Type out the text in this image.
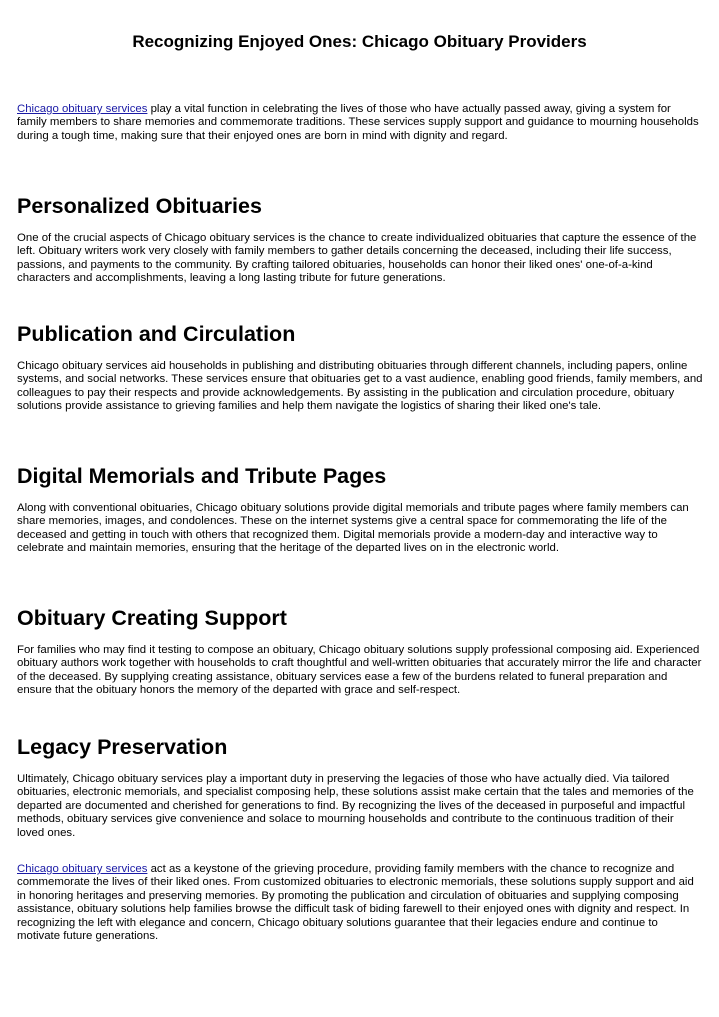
Recognizing Enjoyed Ones: Chicago Obituary Providers

Chicago obituary services play a vital function in celebrating the lives of those who have actually passed away, giving a system for family members to share memories and commemorate traditions. These services supply support and guidance to mourning households during a tough time, making sure that their enjoyed ones are born in mind with dignity and regard.

Personalized Obituaries

One of the crucial aspects of Chicago obituary services is the chance to create individualized obituaries that capture the essence of the left. Obituary writers work very closely with family members to gather details concerning the deceased, including their life success, passions, and payments to the community. By crafting tailored obituaries, households can honor their liked ones' one-of-a-kind characters and accomplishments, leaving a long lasting tribute for future generations.

Publication and Circulation

Chicago obituary services aid households in publishing and distributing obituaries through different channels, including papers, online systems, and social networks. These services ensure that obituaries get to a vast audience, enabling good friends, family members, and colleagues to pay their respects and provide acknowledgements. By assisting in the publication and circulation procedure, obituary solutions provide assistance to grieving families and help them navigate the logistics of sharing their liked one's tale.

Digital Memorials and Tribute Pages

Along with conventional obituaries, Chicago obituary solutions provide digital memorials and tribute pages where family members can share memories, images, and condolences. These on the internet systems give a central space for commemorating the life of the deceased and getting in touch with others that recognized them. Digital memorials provide a modern-day and interactive way to celebrate and maintain memories, ensuring that the heritage of the departed lives on in the electronic world.

Obituary Creating Support

For families who may find it testing to compose an obituary, Chicago obituary solutions supply professional composing aid. Experienced obituary authors work together with households to craft thoughtful and well-written obituaries that accurately mirror the life and character of the deceased. By supplying creating assistance, obituary services ease a few of the burdens related to funeral preparation and ensure that the obituary honors the memory of the departed with grace and self-respect.

Legacy Preservation

Ultimately, Chicago obituary services play a important duty in preserving the legacies of those who have actually died. Via tailored obituaries, electronic memorials, and specialist composing help, these solutions assist make certain that the tales and memories of the departed are documented and cherished for generations to find. By recognizing the lives of the deceased in purposeful and impactful methods, obituary services give convenience and solace to mourning households and contribute to the continuous tradition of their loved ones.

Chicago obituary services act as a keystone of the grieving procedure, providing family members with the chance to recognize and commemorate the lives of their liked ones. From customized obituaries to electronic memorials, these solutions supply support and aid in honoring heritages and preserving memories. By promoting the publication and circulation of obituaries and supplying composing assistance, obituary solutions help families browse the difficult task of biding farewell to their enjoyed ones with dignity and respect. In recognizing the left with elegance and concern, Chicago obituary solutions guarantee that their legacies endure and continue to motivate future generations.
